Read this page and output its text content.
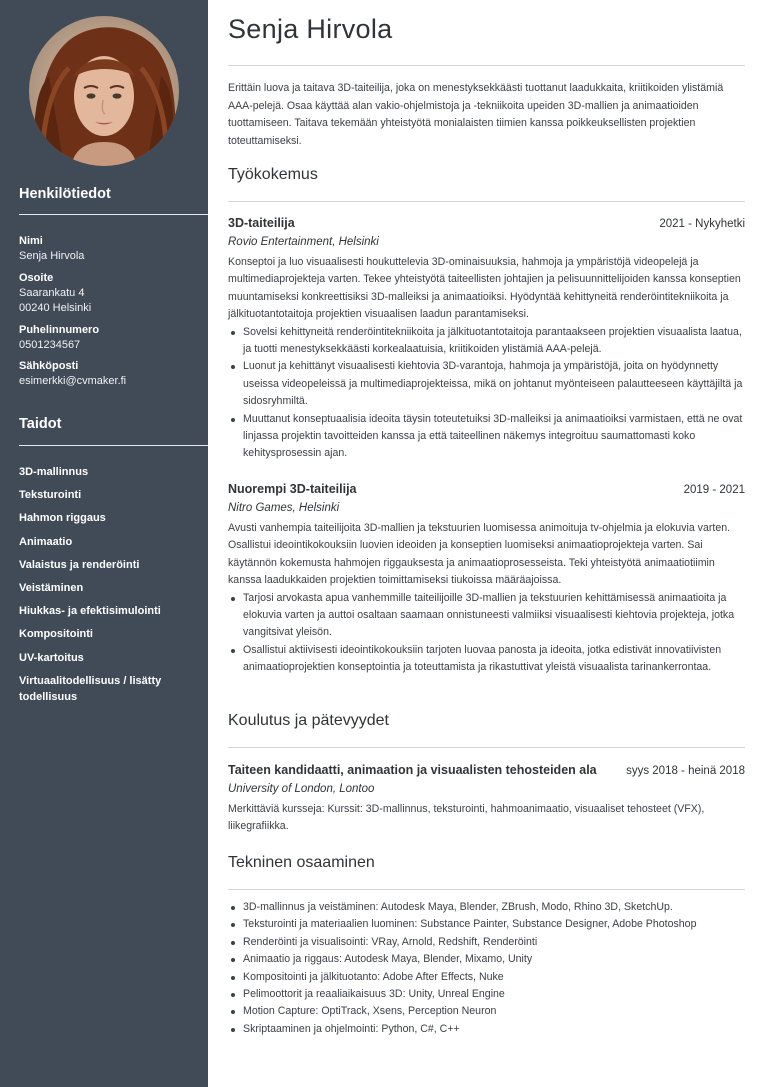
Henkilötiedot
Nimi
Senja Hirvola
Osoite
Saarankatu 4
00240 Helsinki
Puhelinnumero
0501234567
Sähköposti
esimerkki@cvmaker.fi
Taidot
3D-mallinnus
Teksturointi
Hahmon riggaus
Animaatio
Valaistus ja renderöinti
Veistäminen
Hiukkas- ja efektisimulointi
Kompositointi
UV-kartoitus
Virtuaalitodellisuus / lisätty todellisuus
Senja Hirvola

Erittäin luova ja taitava 3D-taiteilija, joka on menestyksekkäästi tuottanut laadukkaita, kriitikoiden ylistämiä AAA-pelejä. Osaa käyttää alan vakio-ohjelmistoja ja -tekniikoita upeiden 3D-mallien ja animaatioiden tuottamiseen. Taitava tekemään yhteistyötä monialaisten tiimien kanssa poikkeuksellisten projektien toteuttamiseksi.

Työkokemus
3D-taiteilija	2021 - Nykyhetki
Rovio Entertainment, Helsinki

Konseptoi ja luo visuaalisesti houkuttelevia 3D-ominaisuuksia, hahmoja ja ympäristöjä videopelejä ja multimediaprojekteja varten. Tekee yhteistyötä taiteellisten johtajien ja pelisuunnittelijoiden kanssa konseptien muuntamiseksi konkreettisiksi 3D-malleiksi ja animaatioiksi. Hyödyntää kehittyneitä renderöintitekniikoita ja jälkituotantotaitoja projektien visuaalisen laadun parantamiseksi.

Sovelsi kehittyneitä renderöintitekniikoita ja jälkituotantotaitoja parantaakseen projektien visuaalista laatua, ja tuotti menestyksekkäästi korkealaatuisia, kriitikoiden ylistämiä AAA-pelejä.
Luonut ja kehittänyt visuaalisesti kiehtovia 3D-varantoja, hahmoja ja ympäristöjä, joita on hyödynnetty useissa videopeleissä ja multimediaprojekteissa, mikä on johtanut myönteiseen palautteeseen käyttäjiltä ja sidosryhmiltä.
Muuttanut konseptuaalisia ideoita täysin toteutetuiksi 3D-malleiksi ja animaatioiksi varmistaen, että ne ovat linjassa projektin tavoitteiden kanssa ja että taiteellinen näkemys integroituu saumattomasti koko kehitysprosessin ajan.
Nuorempi 3D-taiteilija	2019 - 2021
Nitro Games, Helsinki

Avusti vanhempia taiteilijoita 3D-mallien ja tekstuurien luomisessa animoituja tv-ohjelmia ja elokuvia varten. Osallistui ideointikokouksiin luovien ideoiden ja konseptien luomiseksi animaatioprojekteja varten. Sai käytännön kokemusta hahmojen riggauksesta ja animaatioprosesseista. Teki yhteistyötä animaatiotiimin kanssa laadukkaiden projektien toimittamiseksi tiukoissa määräajoissa.

Tarjosi arvokasta apua vanhemmille taiteilijoille 3D-mallien ja tekstuurien kehittämisessä animaatioita ja elokuvia varten ja auttoi osaltaan saamaan onnistuneesti valmiiksi visuaalisesti kiehtovia projekteja, jotka vangitsivat yleisön.
Osallistui aktiivisesti ideointikokouksiin tarjoten luovaa panosta ja ideoita, jotka edistivät innovatiivisten animaatioprojektien konseptointia ja toteuttamista ja rikastuttivat yleistä visuaalista tarinankerrontaa.
Koulutus ja pätevyydet
Taiteen kandidaatti, animaation ja visuaalisten tehosteiden ala	syys 2018 - heinä 2018
University of London, Lontoo

Merkittäviä kursseja: Kurssit: 3D-mallinnus, teksturointi, hahmoanimaatio, visuaaliset tehosteet (VFX), liikegrafiikka.

Tekninen osaaminen
3D-mallinnus ja veistäminen: Autodesk Maya, Blender, ZBrush, Modo, Rhino 3D, SketchUp.
Teksturointi ja materiaalien luominen: Substance Painter, Substance Designer, Adobe Photoshop
Renderöinti ja visualisointi: VRay, Arnold, Redshift, Renderöinti
Animaatio ja riggaus: Autodesk Maya, Blender, Mixamo, Unity
Kompositointi ja jälkituotanto: Adobe After Effects, Nuke
Pelimoottorit ja reaaliaikaisuus 3D: Unity, Unreal Engine
Motion Capture: OptiTrack, Xsens, Perception Neuron
Skriptaaminen ja ohjelmointi: Python, C#, C++
